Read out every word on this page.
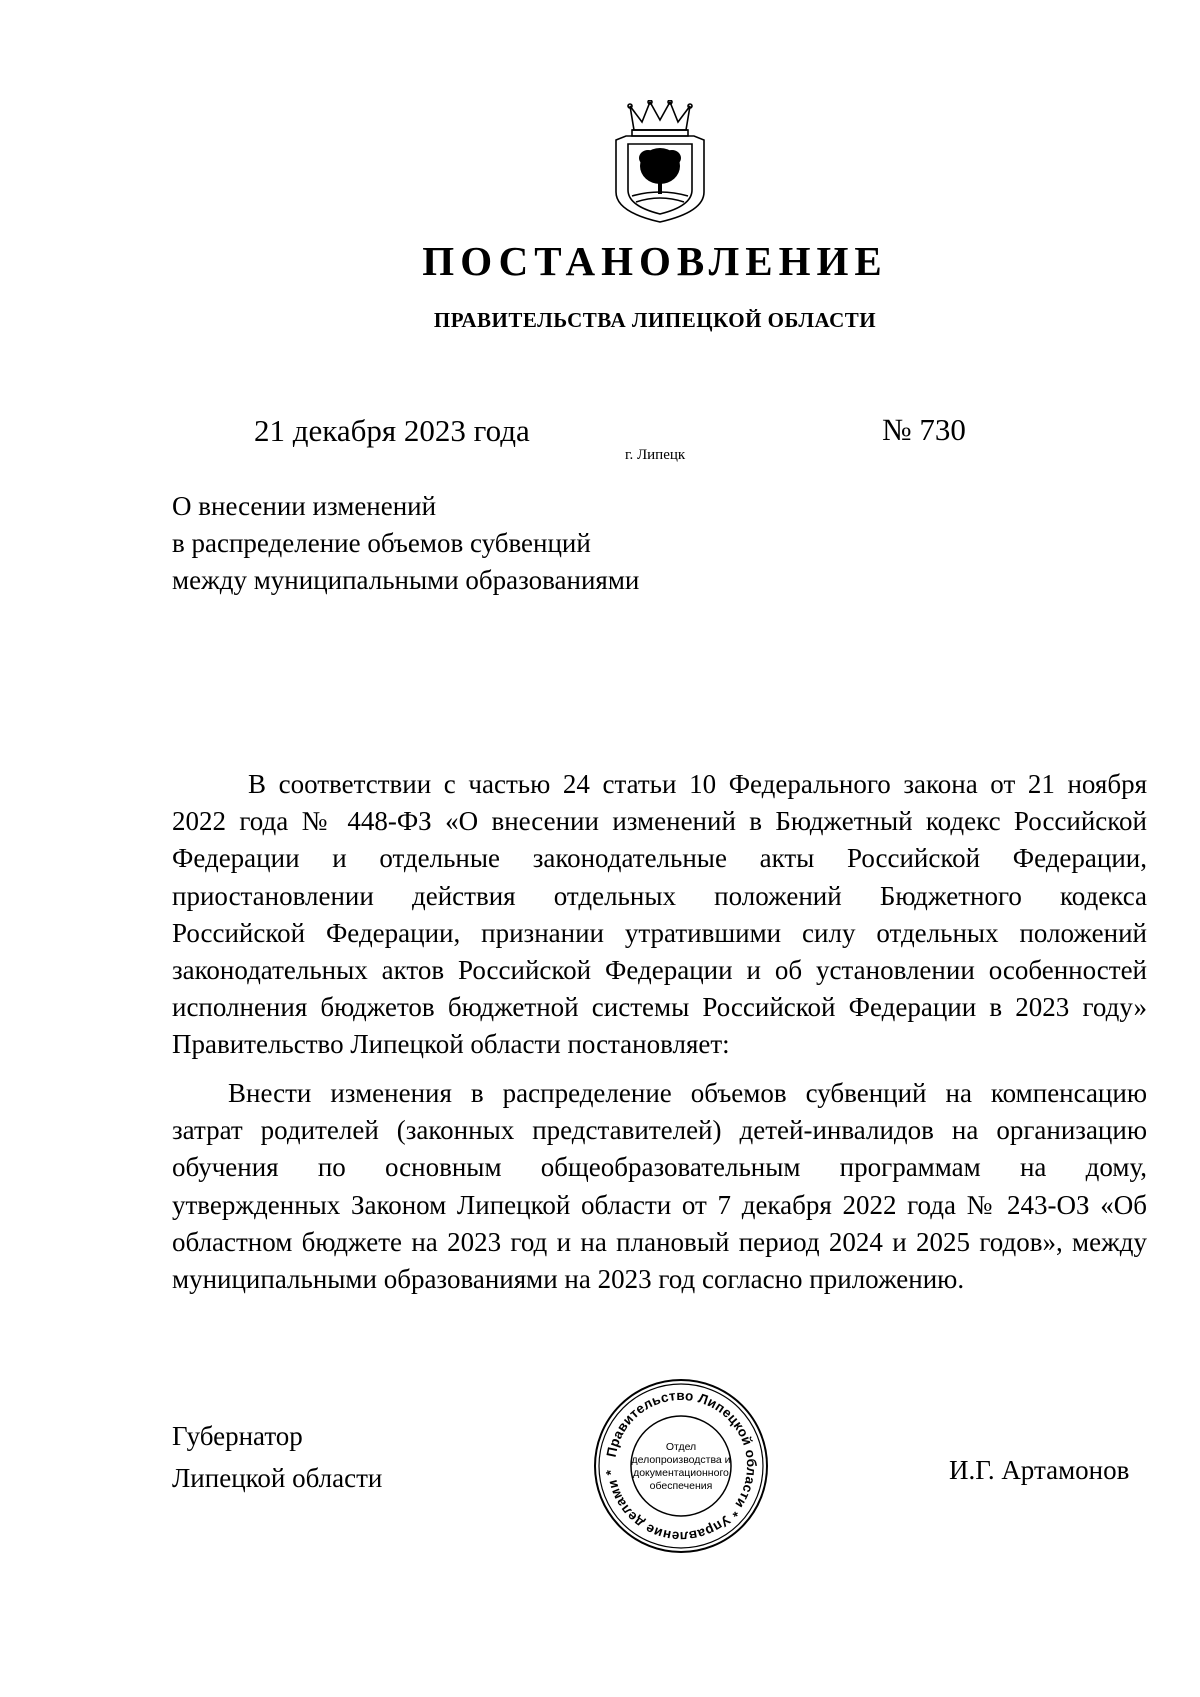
ПОСТАНОВЛЕНИЕ
ПРАВИТЕЛЬСТВА ЛИПЕЦКОЙ ОБЛАСТИ
21 декабря 2023 года
г. Липецк
№ 730
О внесении изменений
в распределение объемов субвенций
между муниципальными образованиями
В соответствии с частью 24 статьи 10 Федерального закона от 21 ноября
2022 года № 448-ФЗ «О внесении изменений в Бюджетный кодекс Российской
Федерации и отдельные законодательные акты Российской Федерации,
приостановлении действия отдельных положений Бюджетного кодекса
Российской Федерации, признании утратившими силу отдельных положений
законодательных актов Российской Федерации и об установлении особенностей
исполнения бюджетов бюджетной системы Российской Федерации в 2023 году»
Правительство Липецкой области постановляет:
Внести изменения в распределение объемов субвенций на компенсацию
затрат родителей (законных представителей) детей-инвалидов на организацию
обучения по основным общеобразовательным программам на дому,
утвержденных Законом Липецкой области от 7 декабря 2022 года № 243-ОЗ «Об
областном бюджете на 2023 год и на плановый период 2024 и 2025 годов», между
муниципальными образованиями на 2023 год согласно приложению.
Губернатор
Липецкой области	И.Г. Артамонов
Правительство Липецкой области * Управление делами *
Отдел
делопроизводства и
документационного
обеспечения
